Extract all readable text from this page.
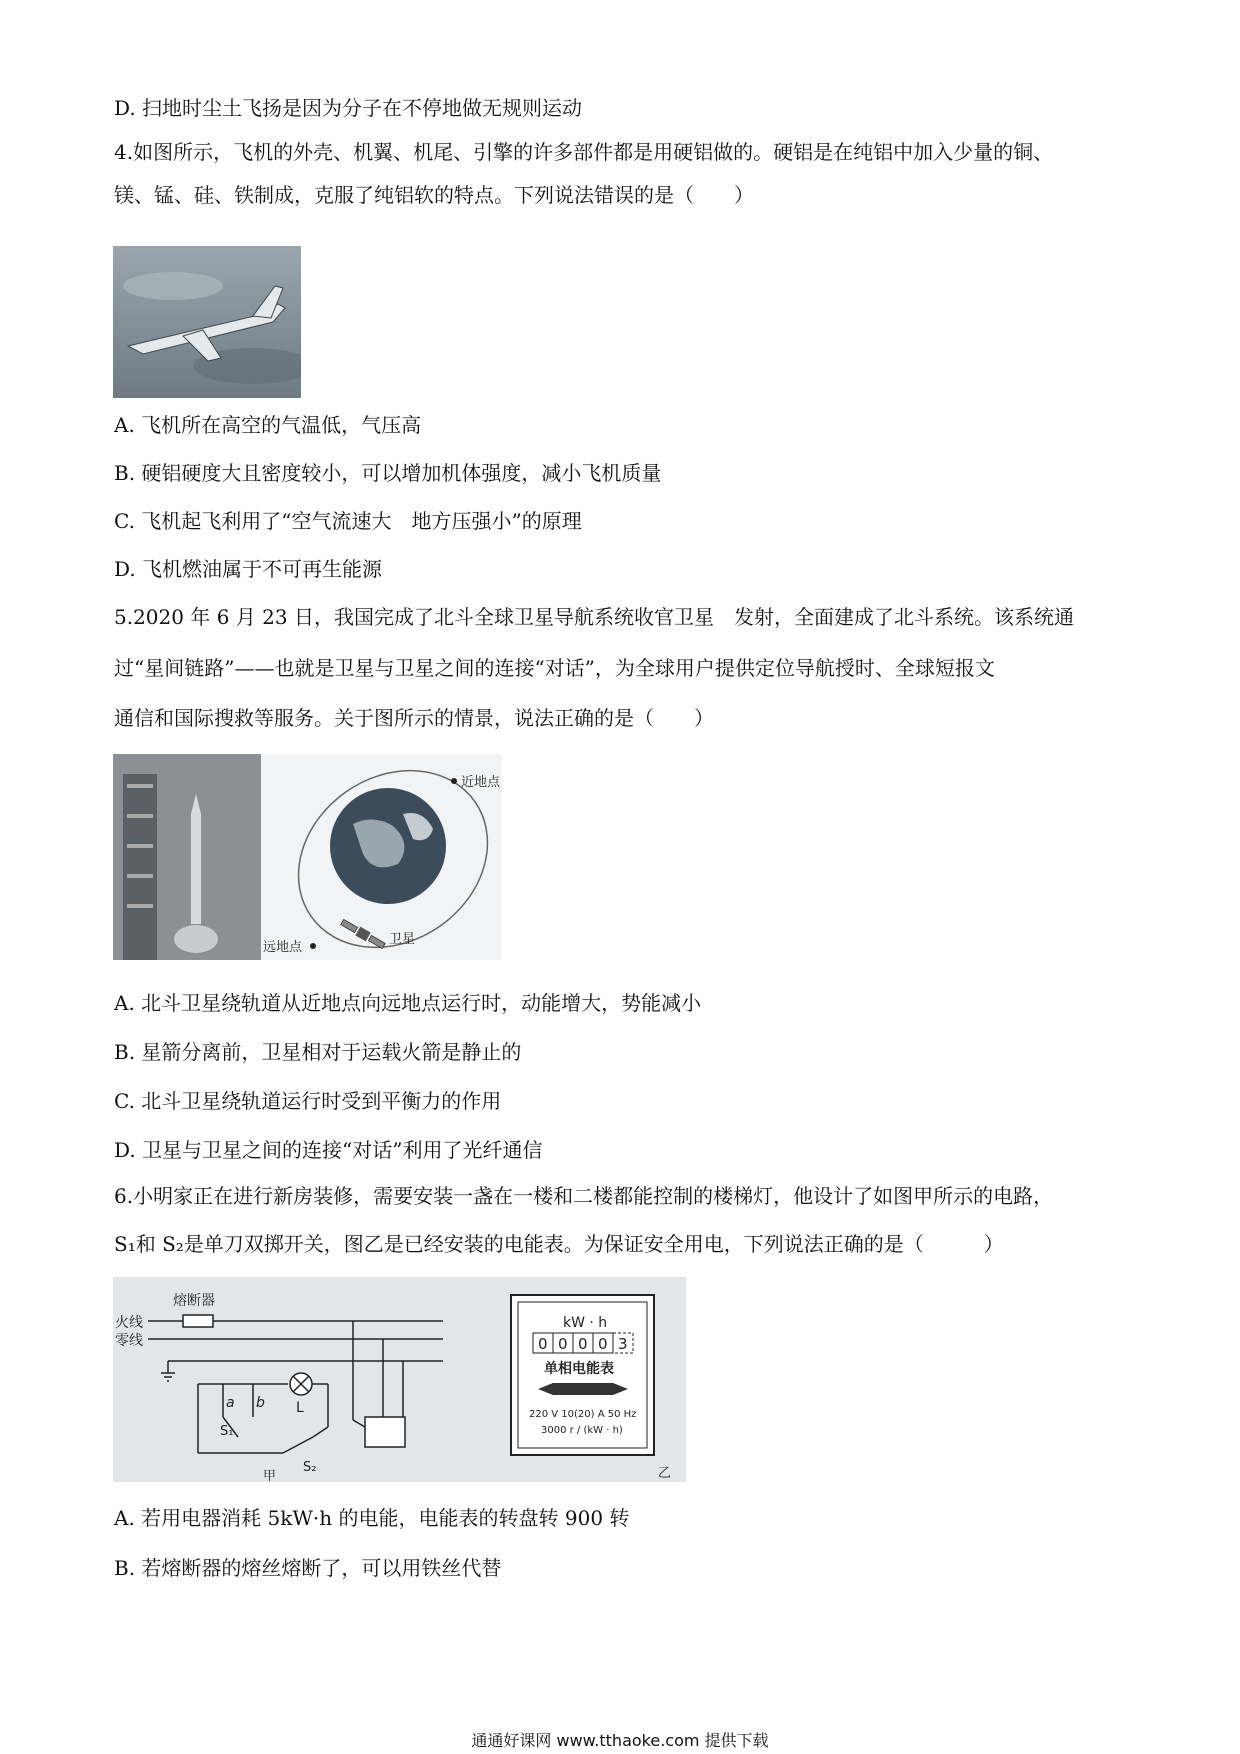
D. 扫地时尘土飞扬是因为分子在不停地做无规则运动
4.如图所示，飞机的外壳、机翼、机尾、引擎的许多部件都是用硬铝做的。硬铝是在纯铝中加入少量的铜、
镁、锰、硅、铁制成，克服了纯铝软的特点。下列说法错误的是（　　）
A. 飞机所在高空的气温低，气压高
B. 硬铝硬度大且密度较小，可以增加机体强度，减小飞机质量
C. 飞机起飞利用了“空气流速大　地方压强小”的原理
D. 飞机燃油属于不可再生能源
5.2020 年 6 月 23 日，我国完成了北斗全球卫星导航系统收官卫星　发射，全面建成了北斗系统。该系统通
过“星间链路”——也就是卫星与卫星之间的连接“对话”，为全球用户提供定位导航授时、全球短报文
通信和国际搜救等服务。关于图所示的情景，说法正确的是（　　）
近地点
远地点
卫星
A. 北斗卫星绕轨道从近地点向远地点运行时，动能增大，势能减小
B. 星箭分离前，卫星相对于运载火箭是静止的
C. 北斗卫星绕轨道运行时受到平衡力的作用
D. 卫星与卫星之间的连接“对话”利用了光纤通信
6.小明家正在进行新房装修，需要安装一盏在一楼和二楼都能控制的楼梯灯，他设计了如图甲所示的电路，
S₁和 S₂是单刀双掷开关，图乙是已经安装的电能表。为保证安全用电，下列说法正确的是（　　　）
熔断器
火线
零线
a b L
S₁
S₂
甲
kW · h
0 0 0 0 3
单相电能表
220 V 10(20) A 50 Hz
3000 r / (kW · h)
乙
A. 若用电器消耗 5kW·h 的电能，电能表的转盘转 900 转
B. 若熔断器的熔丝熔断了，可以用铁丝代替
通通好课网 www.tthaoke.com 提供下载
